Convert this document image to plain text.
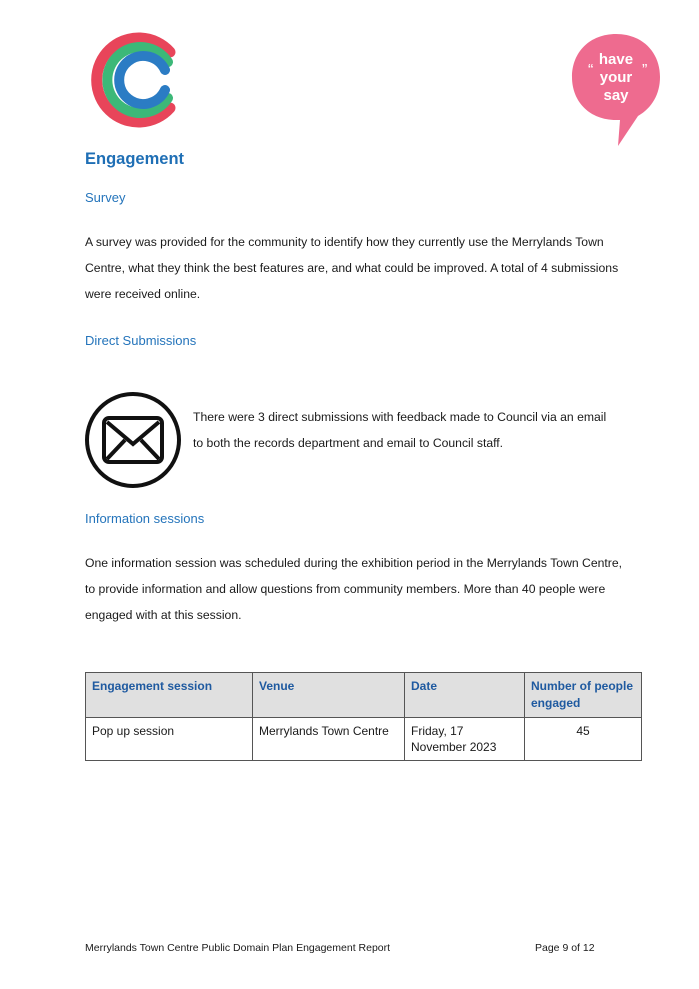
“	”
have
your
say
Engagement
Survey
A survey was provided for the community to identify how they currently use the Merrylands Town Centre, what they think the best features are, and what could be improved. A total of 4 submissions were received online.
Direct Submissions
There were 3 direct submissions with feedback made to Council via an email to both the records department and email to Council staff.
Information sessions
One information session was scheduled during the exhibition period in the Merrylands Town Centre, to provide information and allow questions from community members. More than 40 people were engaged with at this session.
Engagement session	Venue	Date	Number of people engaged
Pop up session	Merrylands Town Centre	Friday, 17 November 2023	45
Merrylands Town Centre Public Domain Plan Engagement Report	Page 9 of 12
